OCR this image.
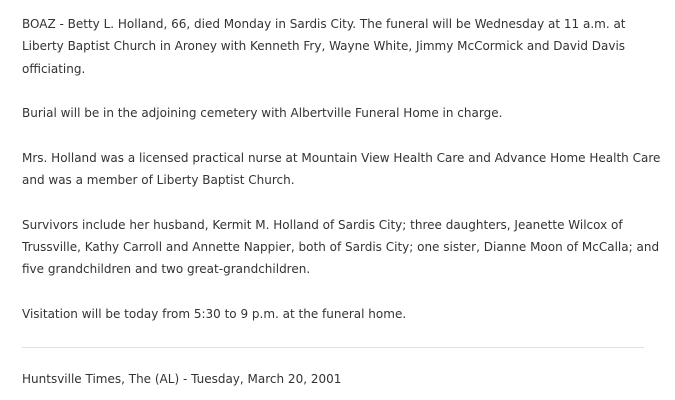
BOAZ - Betty L. Holland, 66, died Monday in Sardis City. The funeral will be Wednesday at 11 a.m. at Liberty Baptist Church in Aroney with Kenneth Fry, Wayne White, Jimmy McCormick and David Davis officiating.

Burial will be in the adjoining cemetery with Albertville Funeral Home in charge.

Mrs. Holland was a licensed practical nurse at Mountain View Health Care and Advance Home Health Care and was a member of Liberty Baptist Church.

Survivors include her husband, Kermit M. Holland of Sardis City; three daughters, Jeanette Wilcox of Trussville, Kathy Carroll and Annette Nappier, both of Sardis City; one sister, Dianne Moon of McCalla; and five grandchildren and two great-grandchildren.

Visitation will be today from 5:30 to 9 p.m. at the funeral home.

Huntsville Times, The (AL) - Tuesday, March 20, 2001
